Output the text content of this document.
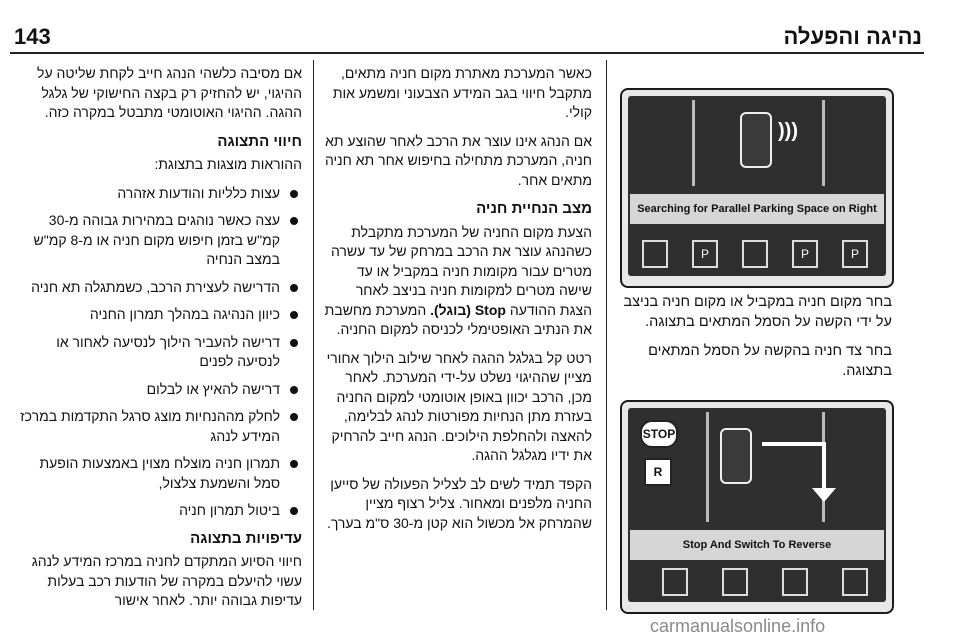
143	נהיגה והפעלה
)))
Searching for Parallel Parking Space on Right
P	P	P
STOP
R
Stop And Switch To Reverse

בחר מקום חניה במקביל או מקום חניה בניצב על ידי הקשה על הסמל המתאים בתצוגה.

בחר צד חניה בהקשה על הסמל המתאים בתצוגה.

כאשר המערכת מאתרת מקום חניה מתאים, מתקבל חיווי בגב המידע הצבעוני ומשמע אות קולי.

אם הנהג אינו עוצר את הרכב לאחר שהוצע תא חניה, המערכת מתחילה בחיפוש אחר תא חניה מתאים אחר.

מצב הנחיית חניה

הצעת מקום החניה של המערכת מתקבלת כשהנהג עוצר את הרכב במרחק של עד עשרה מטרים עבור מקומות חניה במקביל או עד שישה מטרים למקומות חניה בניצב לאחר הצגת ההודעה Stop (בוגל). המערכת מחשבת את הנתיב האופטימלי לכניסה למקום החניה.

רטט קל בגלגל ההגה לאחר שילוב הילוך אחורי מציין שההיגוי נשלט על-ידי המערכת. לאחר מכן, הרכב יכוון באופן אוטומטי למקום החניה בעזרת מתן הנחיות מפורטות לנהג לבלימה, להאצה ולהחלפת הילוכים. הנהג חייב להרחיק את ידיו מגלגל ההגה.

הקפד תמיד לשים לב לצליל הפעולה של סייען החניה מלפנים ומאחור. צליל רצוף מציין שהמרחק אל מכשול הוא קטן מ-30 ס"מ בערך.

אם מסיבה כלשהי הנהג חייב לקחת שליטה על ההיגוי, יש להחזיק רק בקצה החישוקי של גלגל ההגה. ההיגוי האוטומטי מתבטל במקרה כזה.

חיווי התצוגה

ההוראות מוצגות בתצוגת:

עצות כלליות והודעות אזהרה
עצה כאשר נוהגים במהירות גבוהה מ-30 קמ"ש בזמן חיפוש מקום חניה או מ-8 קמ"ש במצב הנחיה
הדרישה לעצירת הרכב, כשמתגלה תא חניה
כיוון הנהיגה במהלך תמרון החניה
דרישה להעביר הילוך לנסיעה לאחור או לנסיעה לפנים
דרישה להאיץ או לבלום
לחלק מההנחיות מוצג סרגל התקדמות במרכז המידע לנהג
תמרון חניה מוצלח מצוין באמצעות הופעת סמל והשמעת צלצול,
ביטול תמרון חניה
עדיפויות בתצוגה

חיווי הסיוע המתקדם לחניה במרכז המידע לנהג עשוי להיעלם במקרה של הודעות רכב בעלות עדיפות גבוהה יותר. לאחר אישור

carmanualsonline.info
